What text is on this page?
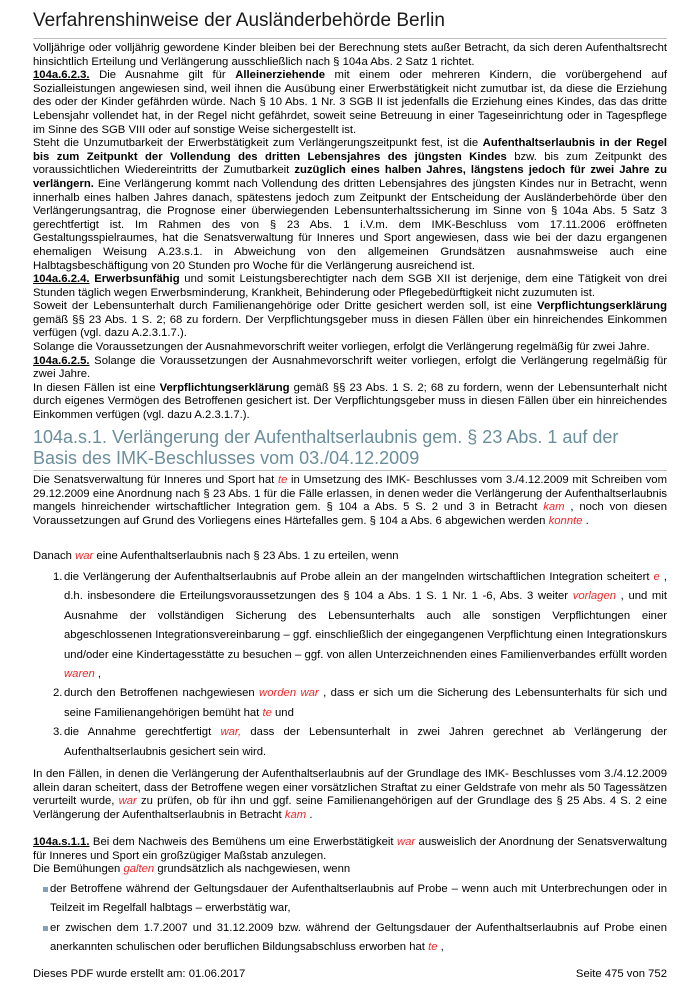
Verfahrenshinweise der Ausländerbehörde Berlin

Volljährige oder volljährig gewordene Kinder bleiben bei der Berechnung stets außer Betracht, da sich deren Aufenthaltsrecht hinsichtlich Erteilung und Verlängerung ausschließlich nach § 104a Abs. 2 Satz 1 richtet.

104a.6.2.3. Die Ausnahme gilt für Alleinerziehende mit einem oder mehreren Kindern, die vorübergehend auf Sozialleistungen angewiesen sind, weil ihnen die Ausübung einer Erwerbstätigkeit nicht zumutbar ist, da diese die Erziehung des oder der Kinder gefährden würde. Nach § 10 Abs. 1 Nr. 3 SGB II ist jedenfalls die Erziehung eines Kindes, das das dritte Lebensjahr vollendet hat, in der Regel nicht gefährdet, soweit seine Betreuung in einer Tageseinrichtung oder in Tagespflege im Sinne des SGB VIII oder auf sonstige Weise sichergestellt ist.

Steht die Unzumutbarkeit der Erwerbstätigkeit zum Verlängerungszeitpunkt fest, ist die Aufenthaltserlaubnis in der Regel bis zum Zeitpunkt der Vollendung des dritten Lebensjahres des jüngsten Kindes bzw. bis zum Zeitpunkt des voraussichtlichen Wiedereintritts der Zumutbarkeit zuzüglich eines halben Jahres, längstens jedoch für zwei Jahre zu verlängern. Eine Verlängerung kommt nach Vollendung des dritten Lebensjahres des jüngsten Kindes nur in Betracht, wenn innerhalb eines halben Jahres danach, spätestens jedoch zum Zeitpunkt der Entscheidung der Ausländerbehörde über den Verlängerungsantrag, die Prognose einer überwiegenden Lebensunterhaltssicherung im Sinne von § 104a Abs. 5 Satz 3 gerechtfertigt ist. Im Rahmen des von § 23 Abs. 1 i.V.m. dem IMK-Beschluss vom 17.11.2006 eröffneten Gestaltungsspielraumes, hat die Senatsverwaltung für Inneres und Sport angewiesen, dass wie bei der dazu ergangenen ehemaligen Weisung A.23.s.1. in Abweichung von den allgemeinen Grundsätzen ausnahmsweise auch eine Halbtagsbeschäftigung von 20 Stunden pro Woche für die Verlängerung ausreichend ist.

104a.6.2.4. Erwerbsunfähig und somit Leistungsberechtigter nach dem SGB XII ist derjenige, dem eine Tätigkeit von drei Stunden täglich wegen Erwerbsminderung, Krankheit, Behinderung oder Pflegebedürftigkeit nicht zuzumuten ist.

Soweit der Lebensunterhalt durch Familienangehörige oder Dritte gesichert werden soll, ist eine Verpflichtungserklärung gemäß §§ 23 Abs. 1 S. 2; 68 zu fordern. Der Verpflichtungsgeber muss in diesen Fällen über ein hinreichendes Einkommen verfügen (vgl. dazu A.2.3.1.7.).

Solange die Voraussetzungen der Ausnahmevorschrift weiter vorliegen, erfolgt die Verlängerung regelmäßig für zwei Jahre.

104a.6.2.5. Solange die Voraussetzungen der Ausnahmevorschrift weiter vorliegen, erfolgt die Verlängerung regelmäßig für zwei Jahre.

In diesen Fällen ist eine Verpflichtungserklärung gemäß §§ 23 Abs. 1 S. 2; 68 zu fordern, wenn der Lebensunterhalt nicht durch eigenes Vermögen des Betroffenen gesichert ist. Der Verpflichtungsgeber muss in diesen Fällen über ein hinreichendes Einkommen verfügen (vgl. dazu A.2.3.1.7.).

104a.s.1. Verlängerung der Aufenthaltserlaubnis gem. § 23 Abs. 1 auf der Basis des IMK-Beschlusses vom 03./04.12.2009

Die Senatsverwaltung für Inneres und Sport hat te in Umsetzung des IMK- Beschlusses vom 3./4.12.2009 mit Schreiben vom 29.12.2009 eine Anordnung nach § 23 Abs. 1 für die Fälle erlassen, in denen weder die Verlängerung der Aufenthaltserlaubnis mangels hinreichender wirtschaftlicher Integration gem. § 104 a Abs. 5 S. 2 und 3 in Betracht kam , noch von diesen Voraussetzungen auf Grund des Vorliegens eines Härtefalles gem. § 104 a Abs. 6 abgewichen werden konnte .

Danach war eine Aufenthaltserlaubnis nach § 23 Abs. 1 zu erteilen, wenn

1. die Verlängerung der Aufenthaltserlaubnis auf Probe allein an der mangelnden wirtschaftlichen Integration scheitert e , d.h. insbesondere die Erteilungsvoraussetzungen des § 104 a Abs. 1 S. 1 Nr. 1 -6, Abs. 3 weiter vorlagen , und mit Ausnahme der vollständigen Sicherung des Lebensunterhalts auch alle sonstigen Verpflichtungen einer abgeschlossenen Integrationsvereinbarung – ggf. einschließlich der eingegangenen Verpflichtung einen Integrationskurs und/oder eine Kindertagesstätte zu besuchen – ggf. von allen Unterzeichnenden eines Familienverbandes erfüllt worden waren ,
2. durch den Betroffenen nachgewiesen worden war , dass er sich um die Sicherung des Lebensunterhalts für sich und seine Familienangehörigen bemüht hat te und
3. die Annahme gerechtfertigt war, dass der Lebensunterhalt in zwei Jahren gerechnet ab Verlängerung der Aufenthaltserlaubnis gesichert sein wird.

In den Fällen, in denen die Verlängerung der Aufenthaltserlaubnis auf der Grundlage des IMK- Beschlusses vom 3./4.12.2009 allein daran scheitert, dass der Betroffene wegen einer vorsätzlichen Straftat zu einer Geldstrafe von mehr als 50 Tagessätzen verurteilt wurde, war zu prüfen, ob für ihn und ggf. seine Familienangehörigen auf der Grundlage des § 25 Abs. 4 S. 2 eine Verlängerung der Aufenthaltserlaubnis in Betracht kam .

104a.s.1.1. Bei dem Nachweis des Bemühens um eine Erwerbstätigkeit war ausweislich der Anordnung der Senatsverwaltung für Inneres und Sport ein großzügiger Maßstab anzulegen.

Die Bemühungen galten grundsätzlich als nachgewiesen, wenn

der Betroffene während der Geltungsdauer der Aufenthaltserlaubnis auf Probe – wenn auch mit Unterbrechungen oder in Teilzeit im Regelfall halbtags – erwerbstätig war,
er zwischen dem 1.7.2007 und 31.12.2009 bzw. während der Geltungsdauer der Aufenthaltserlaubnis auf Probe einen anerkannten schulischen oder beruflichen Bildungsabschluss erworben hat te ,
Dieses PDF wurde erstellt am: 01.06.2017	Seite 475 von 752
